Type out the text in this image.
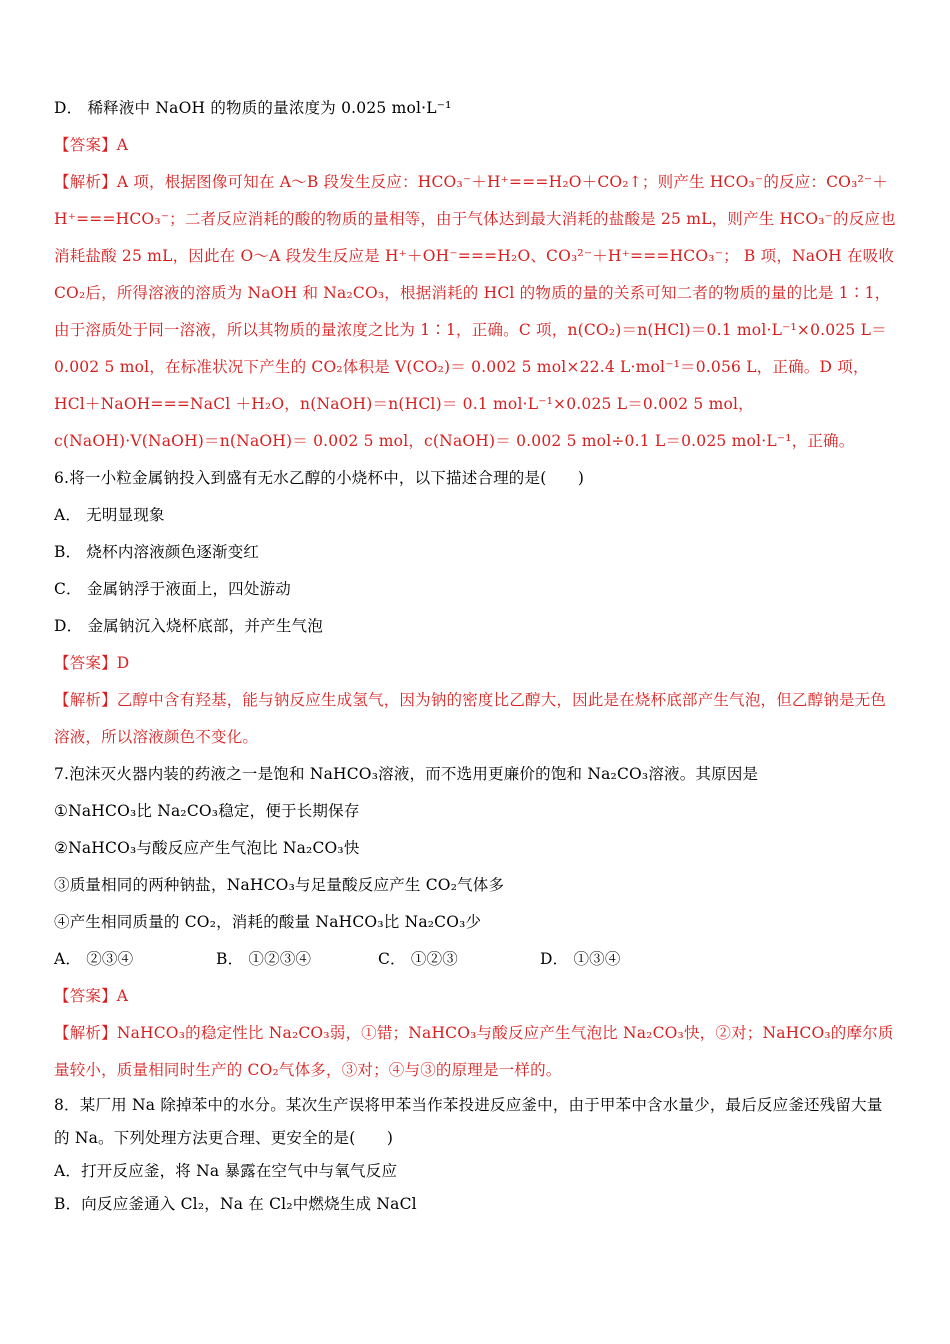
D． 稀释液中 NaOH 的物质的量浓度为 0.025 mol·L⁻¹
【答案】A
【解析】A 项，根据图像可知在 A～B 段发生反应：HCO₃⁻＋H⁺===H₂O＋CO₂↑；则产生 HCO₃⁻的反应：CO₃²⁻＋H⁺===HCO₃⁻；二者反应消耗的酸的物质的量相等，由于气体达到最大消耗的盐酸是 25 mL，则产生 HCO₃⁻的反应也消耗盐酸 25 mL，因此在 O～A 段发生反应是 H⁺＋OH⁻===H₂O、CO₃²⁻＋H⁺===HCO₃⁻； B 项，NaOH 在吸收 CO₂后，所得溶液的溶质为 NaOH 和 Na₂CO₃，根据消耗的 HCl 的物质的量的关系可知二者的物质的量的比是 1∶1，由于溶质处于同一溶液，所以其物质的量浓度之比为 1∶1，正确。C 项，n(CO₂)＝n(HCl)＝0.1 mol·L⁻¹×0.025 L＝0.002 5 mol，在标准状况下产生的 CO₂体积是 V(CO₂)＝ 0.002 5 mol×22.4 L·mol⁻¹＝0.056 L，正确。D 项，HCl＋NaOH===NaCl ＋H₂O，n(NaOH)＝n(HCl)＝ 0.1 mol·L⁻¹×0.025 L＝0.002 5 mol，c(NaOH)·V(NaOH)＝n(NaOH)＝ 0.002 5 mol，c(NaOH)＝ 0.002 5 mol÷0.1 L＝0.025 mol·L⁻¹，正确。
6.将一小粒金属钠投入到盛有无水乙醇的小烧杯中，以下描述合理的是(　　)
A． 无明显现象
B． 烧杯内溶液颜色逐渐变红
C． 金属钠浮于液面上，四处游动
D． 金属钠沉入烧杯底部，并产生气泡
【答案】D
【解析】乙醇中含有羟基，能与钠反应生成氢气，因为钠的密度比乙醇大，因此是在烧杯底部产生气泡，但乙醇钠是无色溶液，所以溶液颜色不变化。
7.泡沫灭火器内装的药液之一是饱和 NaHCO₃溶液，而不选用更廉价的饱和 Na₂CO₃溶液。其原因是
①NaHCO₃比 Na₂CO₃稳定，便于长期保存
②NaHCO₃与酸反应产生气泡比 Na₂CO₃快
③质量相同的两种钠盐，NaHCO₃与足量酸反应产生 CO₂气体多
④产生相同质量的 CO₂，消耗的酸量 NaHCO₃比 Na₂CO₃少
A． ②③④	B． ①②③④	C． ①②③	D． ①③④
【答案】A
【解析】NaHCO₃的稳定性比 Na₂CO₃弱，①错；NaHCO₃与酸反应产生气泡比 Na₂CO₃快，②对；NaHCO₃的摩尔质量较小，质量相同时生产的 CO₂气体多，③对；④与③的原理是一样的。
8．某厂用 Na 除掉苯中的水分。某次生产误将甲苯当作苯投进反应釜中，由于甲苯中含水量少，最后反应釜还残留大量的 Na。下列处理方法更合理、更安全的是(　　)
A．打开反应釜，将 Na 暴露在空气中与氧气反应
B．向反应釜通入 Cl₂，Na 在 Cl₂中燃烧生成 NaCl
